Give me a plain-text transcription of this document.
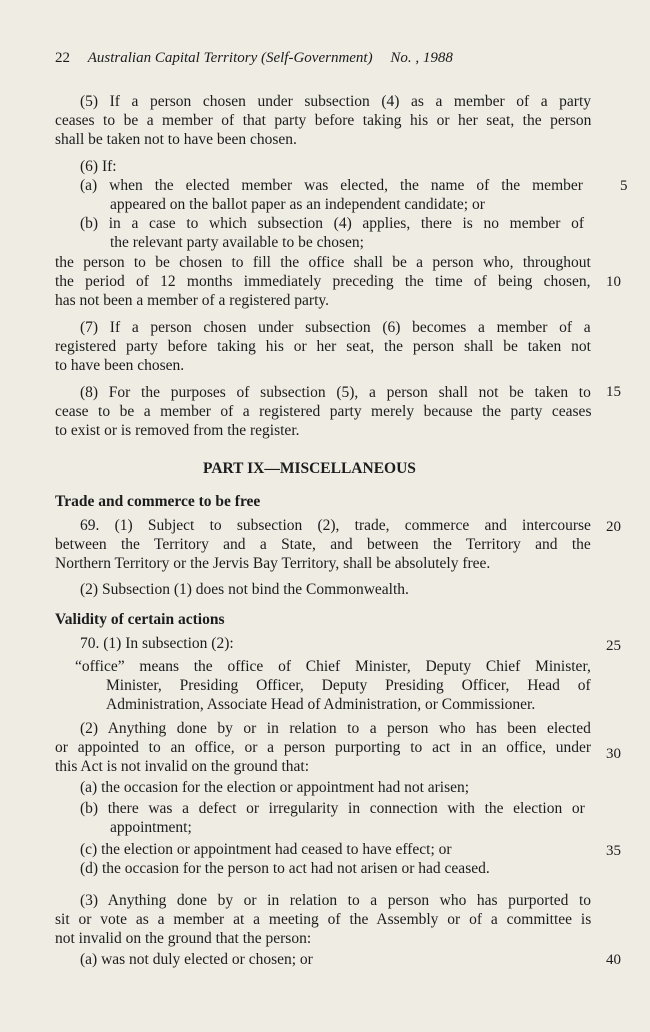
22 Australian Capital Territory (Self-Government) No. , 1988
(5) If a person chosen under subsection (4) as a member of a party
ceases to be a member of that party before taking his or her seat, the person
shall be taken not to have been chosen.
(6) If:
(a) when the elected member was elected, the name of the member
appeared on the ballot paper as an independent candidate; or
(b) in a case to which subsection (4) applies, there is no member of
the relevant party available to be chosen;
the person to be chosen to fill the office shall be a person who, throughout
the period of 12 months immediately preceding the time of being chosen,
has not been a member of a registered party.
(7) If a person chosen under subsection (6) becomes a member of a
registered party before taking his or her seat, the person shall be taken not
to have been chosen.
(8) For the purposes of subsection (5), a person shall not be taken to
cease to be a member of a registered party merely because the party ceases
to exist or is removed from the register.
PART IX—MISCELLANEOUS
Trade and commerce to be free
69. (1) Subject to subsection (2), trade, commerce and intercourse
between the Territory and a State, and between the Territory and the
Northern Territory or the Jervis Bay Territory, shall be absolutely free.
(2) Subsection (1) does not bind the Commonwealth.
Validity of certain actions
70. (1) In subsection (2):
“office” means the office of Chief Minister, Deputy Chief Minister,
Minister, Presiding Officer, Deputy Presiding Officer, Head of
Administration, Associate Head of Administration, or Commissioner.
(2) Anything done by or in relation to a person who has been elected
or appointed to an office, or a person purporting to act in an office, under
this Act is not invalid on the ground that:
(a) the occasion for the election or appointment had not arisen;
(b) there was a defect or irregularity in connection with the election or
appointment;
(c) the election or appointment had ceased to have effect; or
(d) the occasion for the person to act had not arisen or had ceased.
(3) Anything done by or in relation to a person who has purported to
sit or vote as a member at a meeting of the Assembly or of a committee is
not invalid on the ground that the person:
(a) was not duly elected or chosen; or
5
10
15
20
25
30
35
40
